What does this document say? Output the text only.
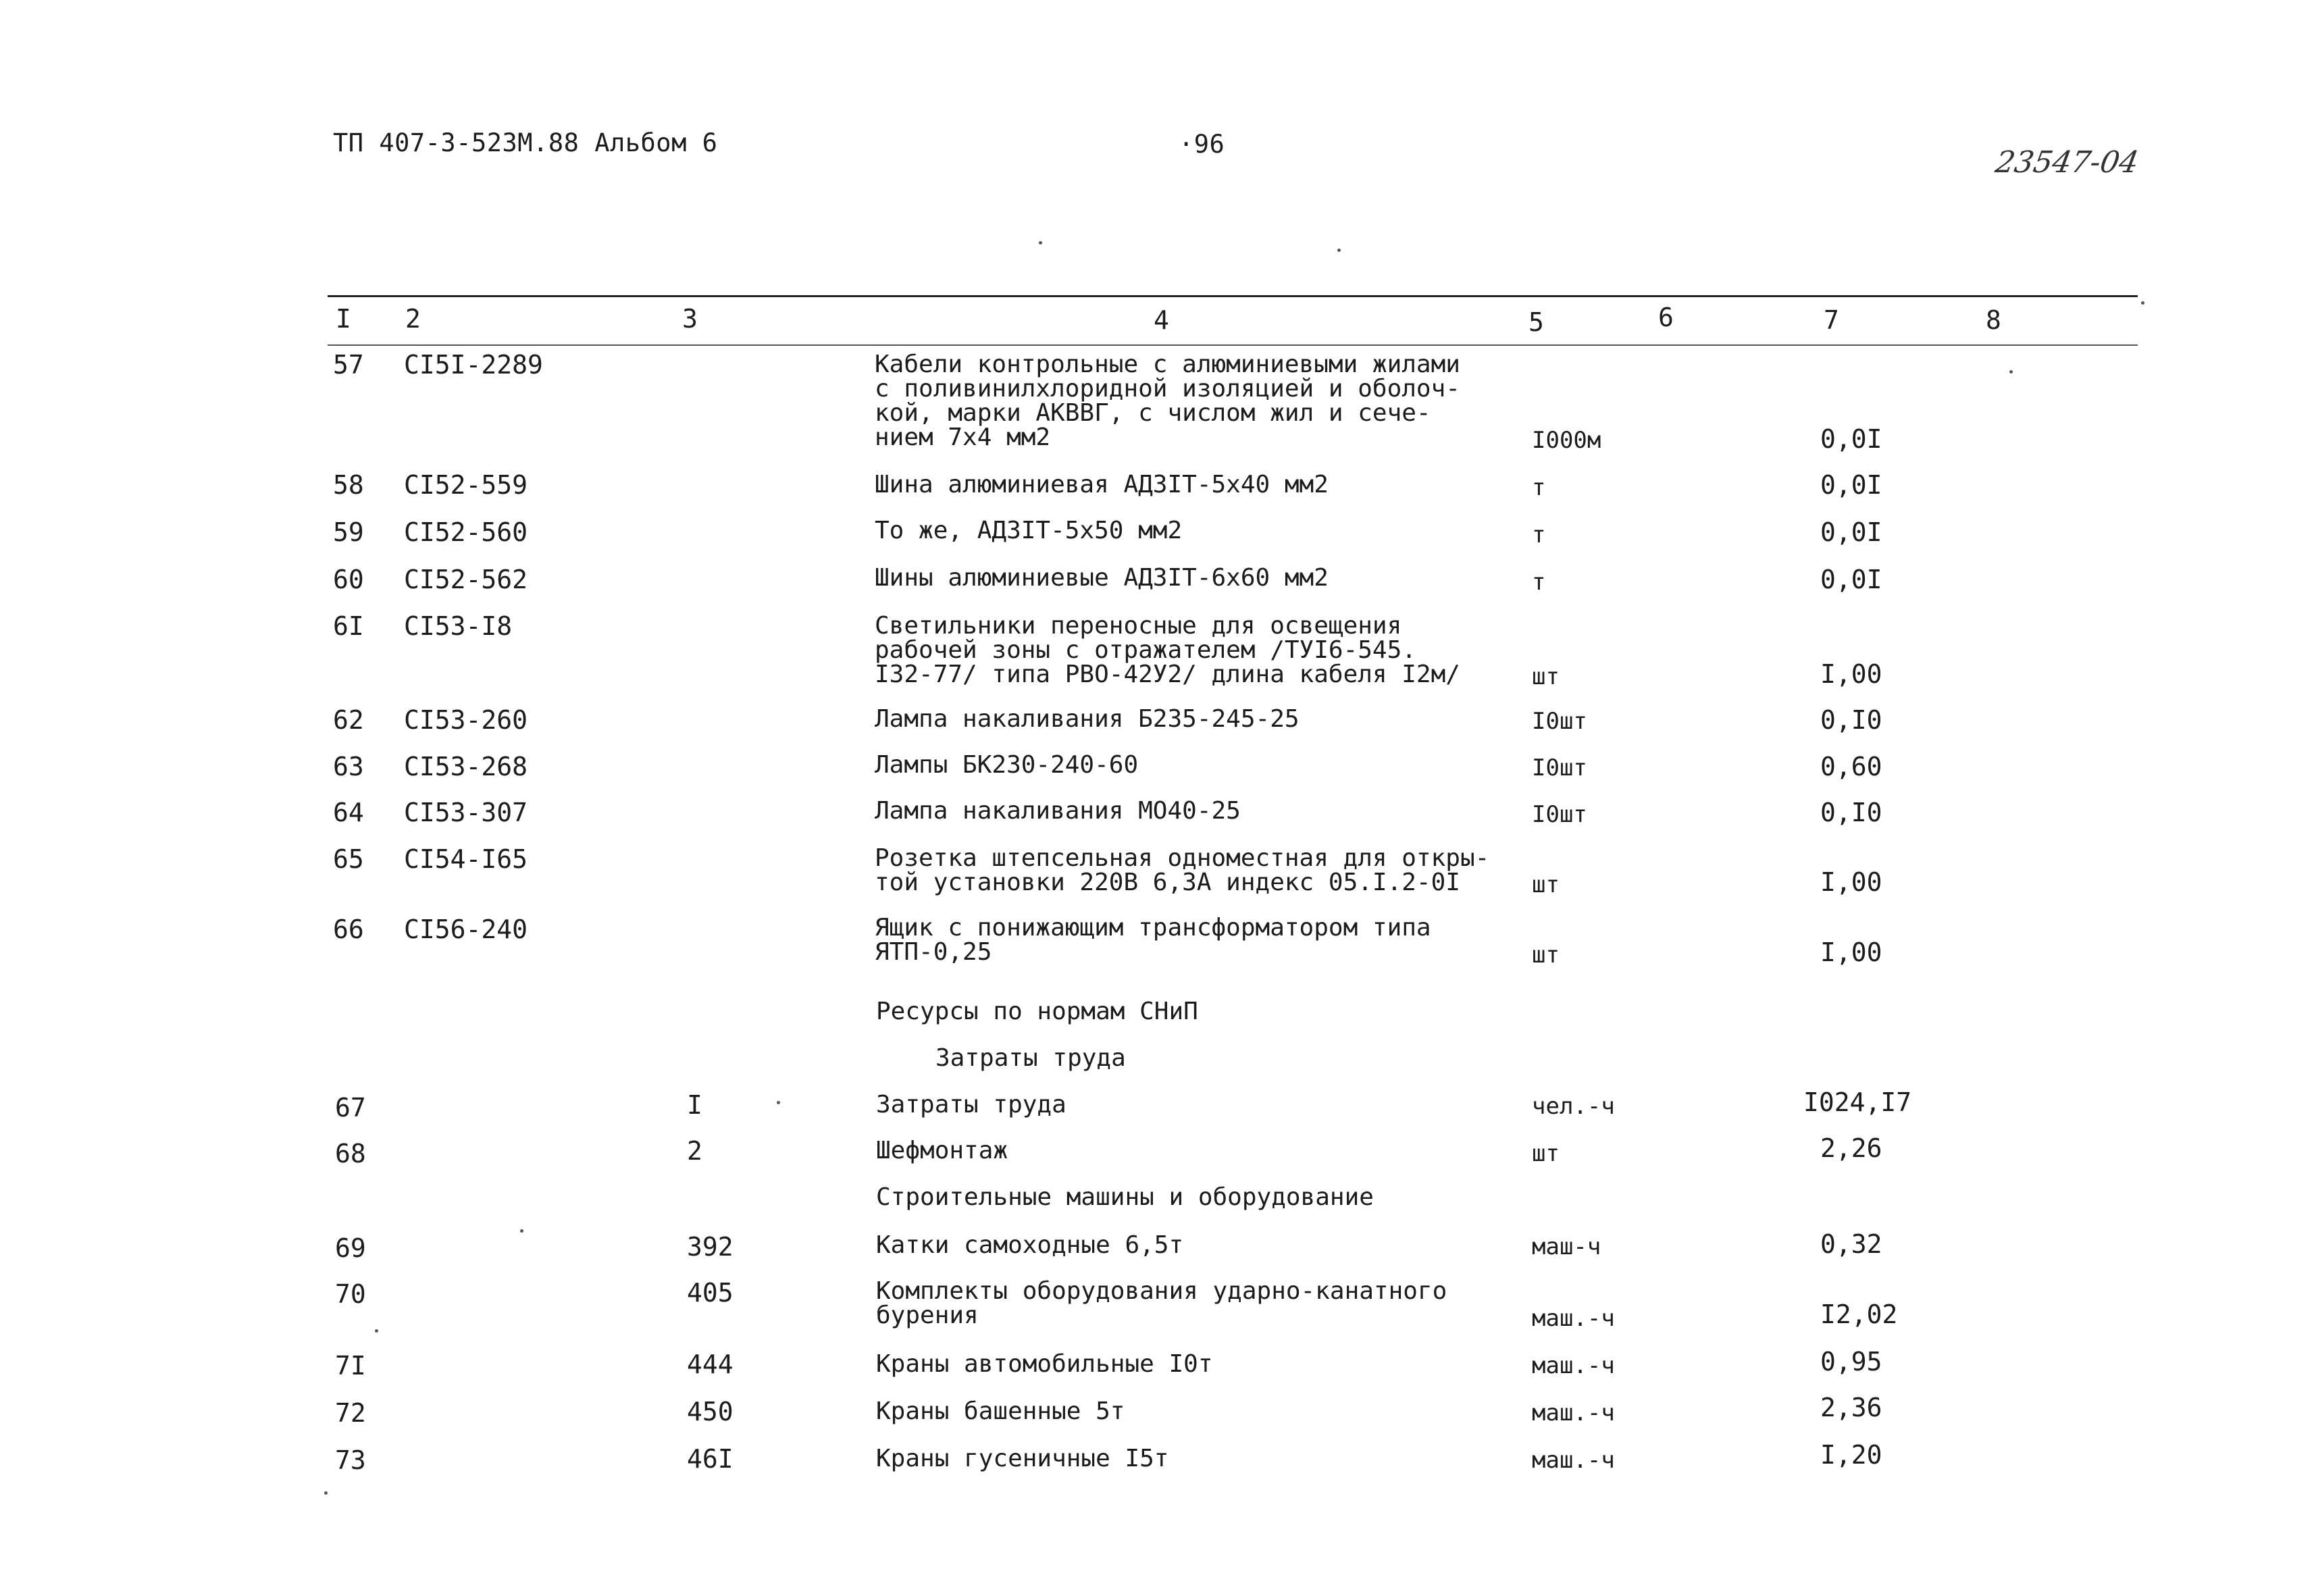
ТП 407-3-523М.88 Альбом 6	·96
23547-04
I 2	3	4	5	6	7	8
57 CI5I-2289	Кабели контрольные с алюминиевыми жилами
с поливинилхлоридной изоляцией и оболоч-
кой, марки АКВВГ, с числом жил и сече-
нием 7х4 мм2	I000м	0,0I
58 CI52-559	Шина алюминиевая АДЗIТ-5х40 мм2	т	0,0I
59 CI52-560	То же, АДЗIТ-5х50 мм2	т	0,0I
60 CI52-562	Шины алюминиевые АДЗIТ-6х60 мм2	т	0,0I
6I CI53-I8	Светильники переносные для освещения
рабочей зоны с отражателем /ТУI6-545.
I32-77/ типа РВО-42У2/ длина кабеля I2м/	шт	I,00
62 CI53-260	Лампа накаливания Б235-245-25	I0шт	0,I0
63 CI53-268	Лампы БК230-240-60	I0шт	0,60
64 CI53-307	Лампа накаливания МО40-25	I0шт	0,I0
65 CI54-I65	Розетка штепсельная одноместная для откры-
той установки 220В 6,3А индекс 05.I.2-0I	шт	I,00
66 CI56-240	Ящик с понижающим трансформатором типа
ЯТП-0,25	шт	I,00
Ресурсы по нормам СНиП
Затраты труда
67	I	Затраты труда	чел.-ч	I024,I7
68	2	Шефмонтаж	шт	2,26
Строительные машины и оборудование
69	392	Катки самоходные 6,5т	маш-ч	0,32
70	405	Комплекты оборудования ударно-канатного
бурения	маш.-ч	I2,02
7I	444	Краны автомобильные I0т	маш.-ч	0,95
72	450	Краны башенные 5т	маш.-ч	2,36
73	46I	Краны гусеничные I5т	маш.-ч	I,20
